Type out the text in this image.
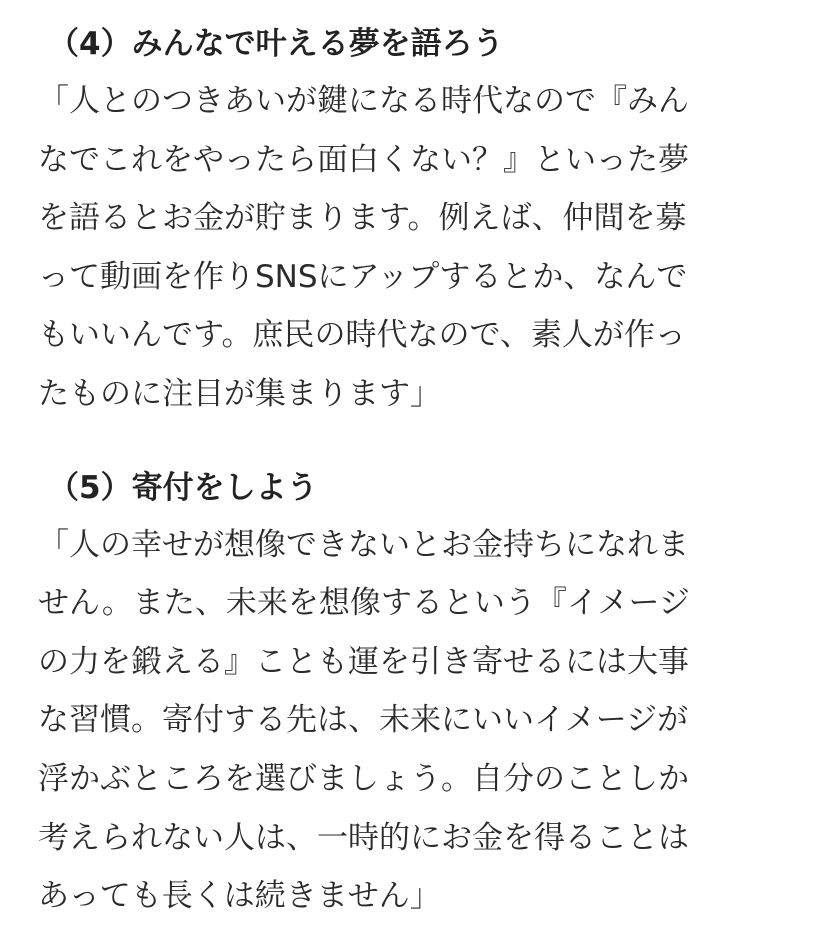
（4）みんなで叶える夢を語ろう

「人とのつきあいが鍵になる時代なので『みん
なでこれをやったら面白くない？』といった夢
を語るとお金が貯まります。例えば、仲間を募
って動画を作りSNSにアップするとか、なんで
もいいんです。庶民の時代なので、素人が作っ
たものに注目が集まります」

（5）寄付をしよう

「人の幸せが想像できないとお金持ちになれま
せん。また、未来を想像するという『イメージ
の力を鍛える』ことも運を引き寄せるには大事
な習慣。寄付する先は、未来にいいイメージが
浮かぶところを選びましょう。自分のことしか
考えられない人は、一時的にお金を得ることは
あっても長くは続きません」
